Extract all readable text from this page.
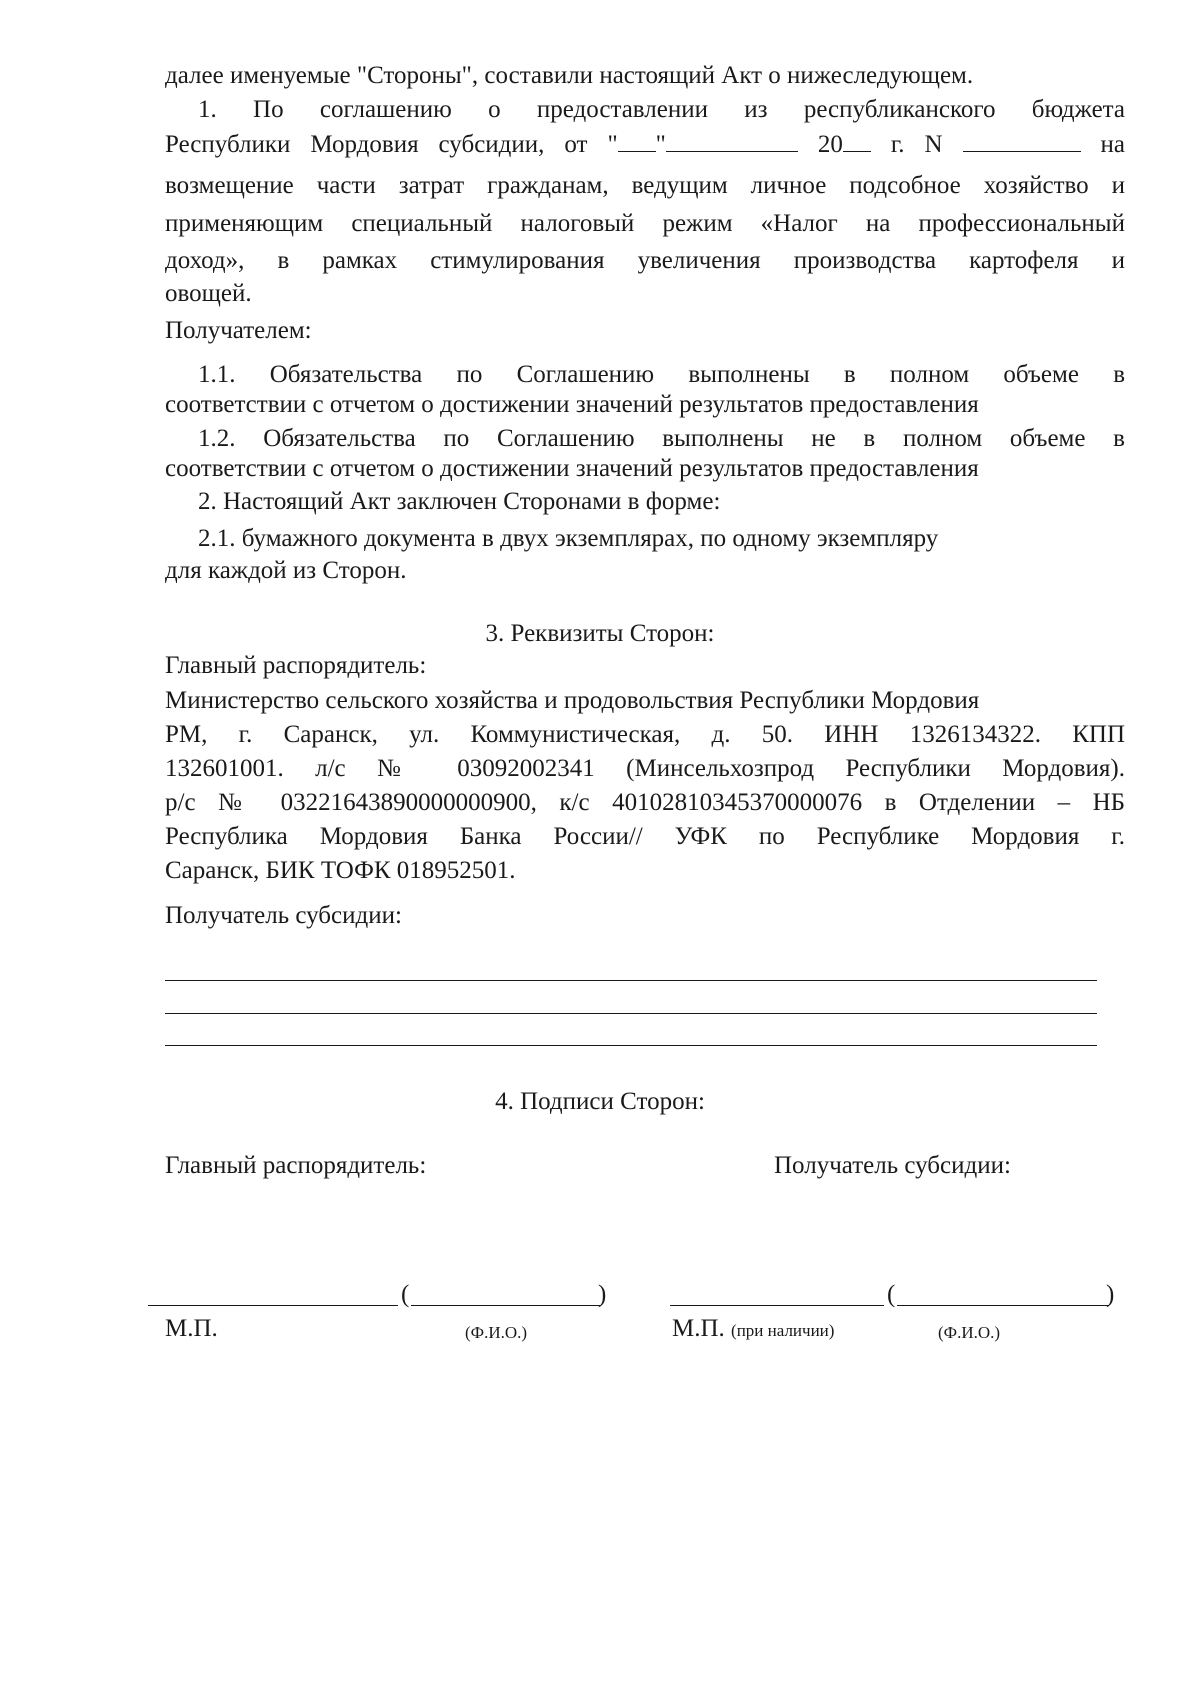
далее именуемые "Стороны", составили настоящий Акт о нижеследующем.
1. По соглашению о предоставлении из республиканского бюджета
Республики Мордовия субсидии, от " "	20 г. N	на
возмещение части затрат гражданам, ведущим личное подсобное хозяйство и
применяющим специальный налоговый режим «Налог на профессиональный
доход», в рамках стимулирования увеличения производства картофеля и
овощей.
Получателем:
1.1. Обязательства по Соглашению выполнены в полном объеме в
соответствии с отчетом о достижении значений результатов предоставления
1.2. Обязательства по Соглашению выполнены не в полном объеме в
соответствии с отчетом о достижении значений результатов предоставления
2. Настоящий Акт заключен Сторонами в форме:
2.1. бумажного документа в двух экземплярах, по одному экземпляру
для каждой из Сторон.
3. Реквизиты Сторон:
Главный распорядитель:
Министерство сельского хозяйства и продовольствия Республики Мордовия
РМ, г. Саранск, ул. Коммунистическая, д. 50. ИНН 1326134322. КПП
132601001. л/с № 03092002341 (Минсельхозпрод Республики Мордовия).
р/с № 03221643890000000900, к/с 40102810345370000076 в Отделении – НБ
Республика Мордовия Банка России// УФК по Республике Мордовия г.
Саранск, БИК ТОФК 018952501.
Получатель субсидии:
4. Подписи Сторон:
Главный распорядитель:	Получатель субсидии:
(	)	(	)
М.П.	(Ф.И.О.)	М.П. (при наличии)	(Ф.И.О.)
